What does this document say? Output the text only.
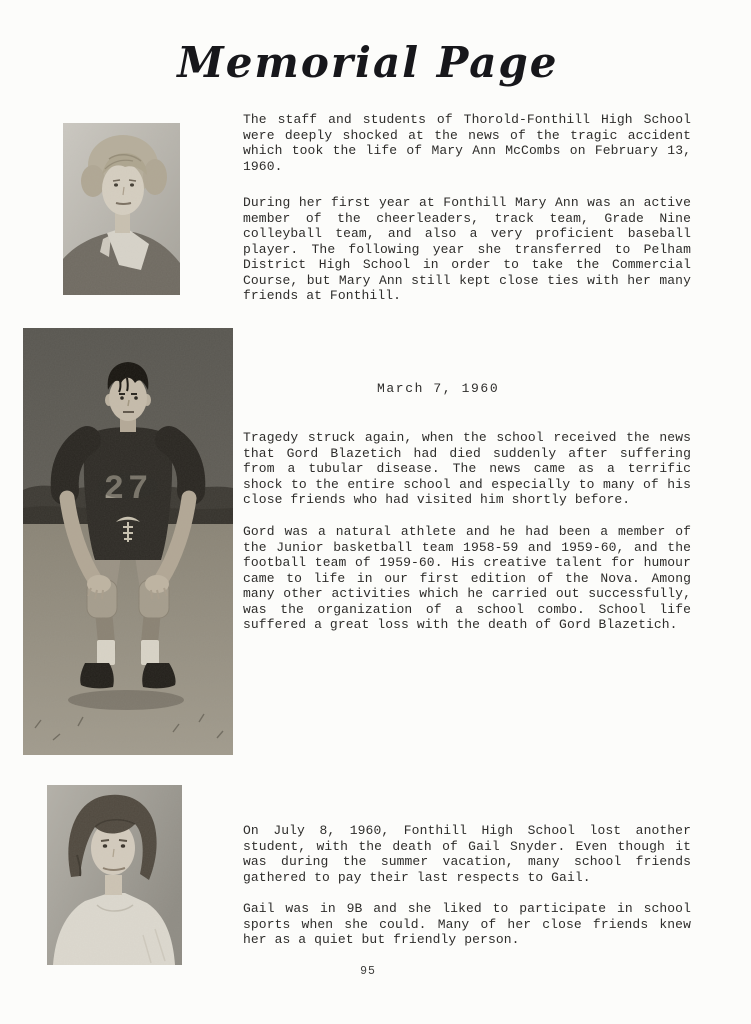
Memorial Page
27

The staff and students of Thorold-Fonthill High School were deeply shocked at the news of the tragic accident which took the life of Mary Ann McCombs on February 13, 1960.

During her first year at Fonthill Mary Ann was an active member of the cheerleaders, track team, Grade Nine colleyball team, and also a very proficient baseball player. The following year she transferred to Pelham District High School in order to take the Commercial Course, but Mary Ann still kept close ties with her many friends at Fonthill.

March 7, 1960

Tragedy struck again, when the school received the news that Gord Blazetich had died suddenly after suffering from a tubular disease. The news came as a terrific shock to the entire school and especially to many of his close friends who had visited him shortly before.

Gord was a natural athlete and he had been a member of the Junior basketball team 1958-59 and 1959-60, and the football team of 1959-60. His creative talent for humour came to life in our first edition of the Nova. Among many other activities which he carried out successfully, was the organization of a school combo. School life suffered a great loss with the death of Gord Blazetich.

On July 8, 1960, Fonthill High School lost another student, with the death of Gail Snyder. Even though it was during the summer vacation, many school friends gathered to pay their last respects to Gail.

Gail was in 9B and she liked to participate in school sports when she could. Many of her close friends knew her as a quiet but friendly person.

95
